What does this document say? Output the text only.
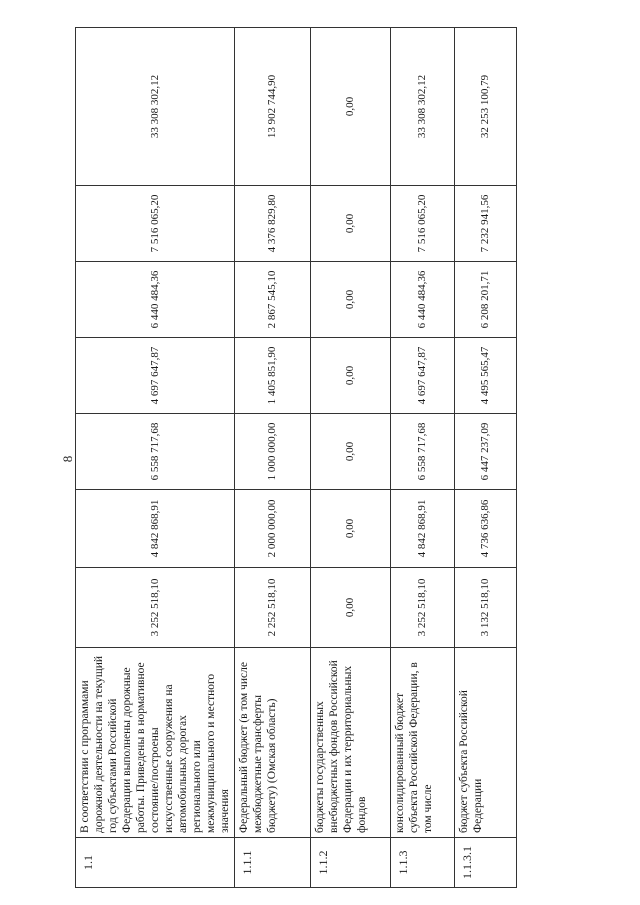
8
1.1	В соответствии с программами дорожной деятельности на текущий год субъектами Российской Федерации выполнены дорожные работы. Приведены в нормативное состояние/построены искусственные сооружения на автомобильных дорогах регионального или межмуниципального и местного значения	3 252 518,10	4 842 868,91	6 558 717,68	4 697 647,87	6 440 484,36	7 516 065,20	33 308 302,12
1.1.1	Федеральный бюджет (в том числе межбюджетные трансферты бюджету) (Омская область)	2 252 518,10	2 000 000,00	1 000 000,00	1 405 851,90	2 867 545,10	4 376 829,80	13 902 744,90
1.1.2	бюджеты государственных внебюджетных фондов Российской Федерации и их территориальных фондов	0,00	0,00	0,00	0,00	0,00	0,00	0,00
1.1.3	консолидированный бюджет субъекта Российской Федерации, в том числе	3 252 518,10	4 842 868,91	6 558 717,68	4 697 647,87	6 440 484,36	7 516 065,20	33 308 302,12
1.1.3.1	бюджет субъекта Российской Федерации	3 132 518,10	4 736 636,86	6 447 237,09	4 495 565,47	6 208 201,71	7 232 941,56	32 253 100,79
